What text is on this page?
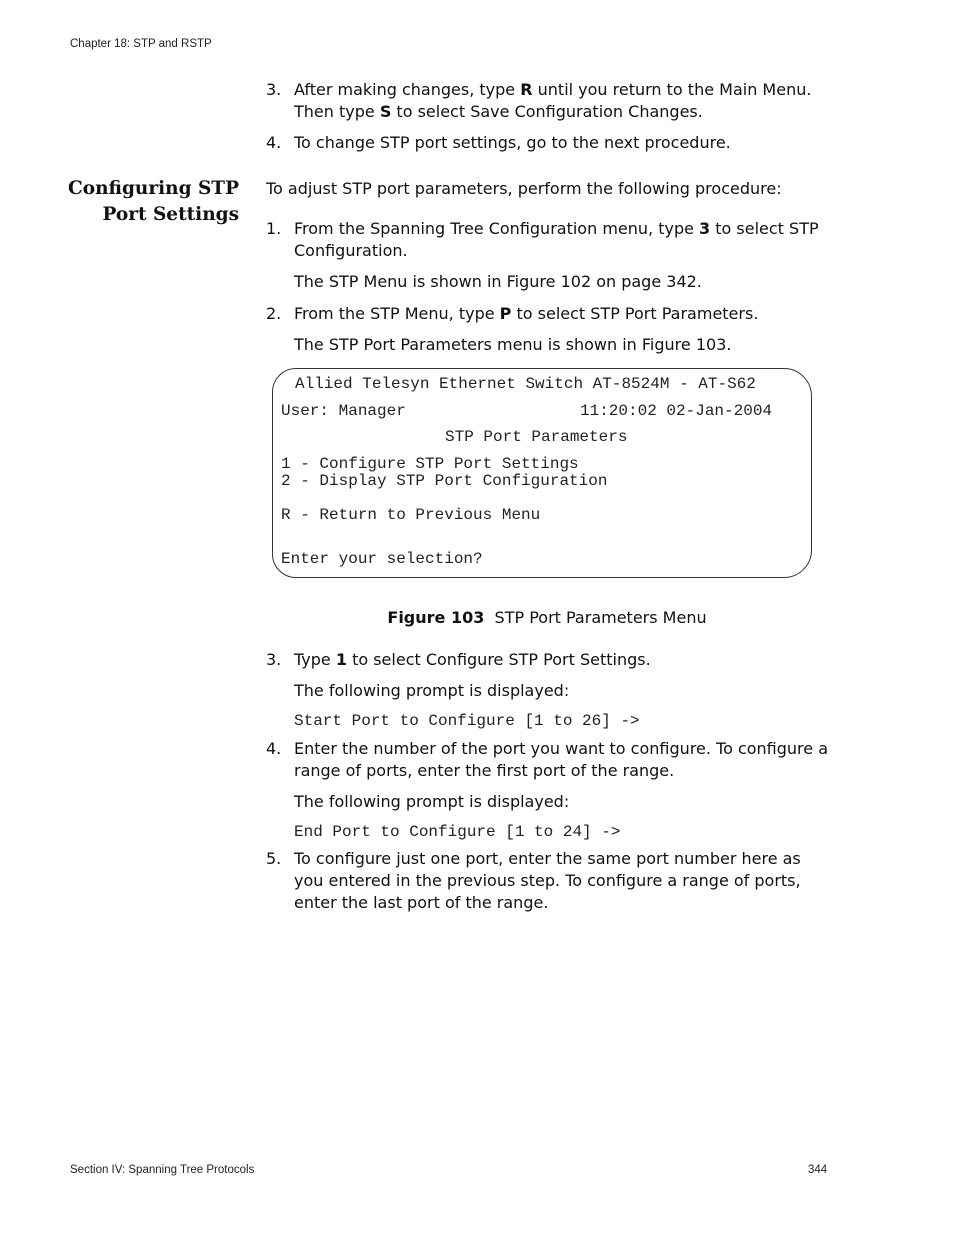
Chapter 18: STP and RSTP
3. After making changes, type R until you return to the Main Menu. Then type S to select Save Configuration Changes.
4. To change STP port settings, go to the next procedure.
Configuring STP
Port Settings
To adjust STP port parameters, perform the following procedure:
1. From the Spanning Tree Configuration menu, type 3 to select STP Configuration.
The STP Menu is shown in Figure 102 on page 342.
2. From the STP Menu, type P to select STP Port Parameters.
The STP Port Parameters menu is shown in Figure 103.
Allied Telesyn Ethernet Switch AT-8524M - AT-S62
User: Manager	11:20:02 02-Jan-2004
STP Port Parameters
1 - Configure STP Port Settings
2 - Display STP Port Configuration
R - Return to Previous Menu
Enter your selection?
Figure 103 STP Port Parameters Menu
3. Type 1 to select Configure STP Port Settings.
The following prompt is displayed:
Start Port to Configure [1 to 26] ->
4. Enter the number of the port you want to configure. To configure a range of ports, enter the first port of the range.
The following prompt is displayed:
End Port to Configure [1 to 24] ->
5. To configure just one port, enter the same port number here as you entered in the previous step. To configure a range of ports, enter the last port of the range.
Section IV: Spanning Tree Protocols	344
